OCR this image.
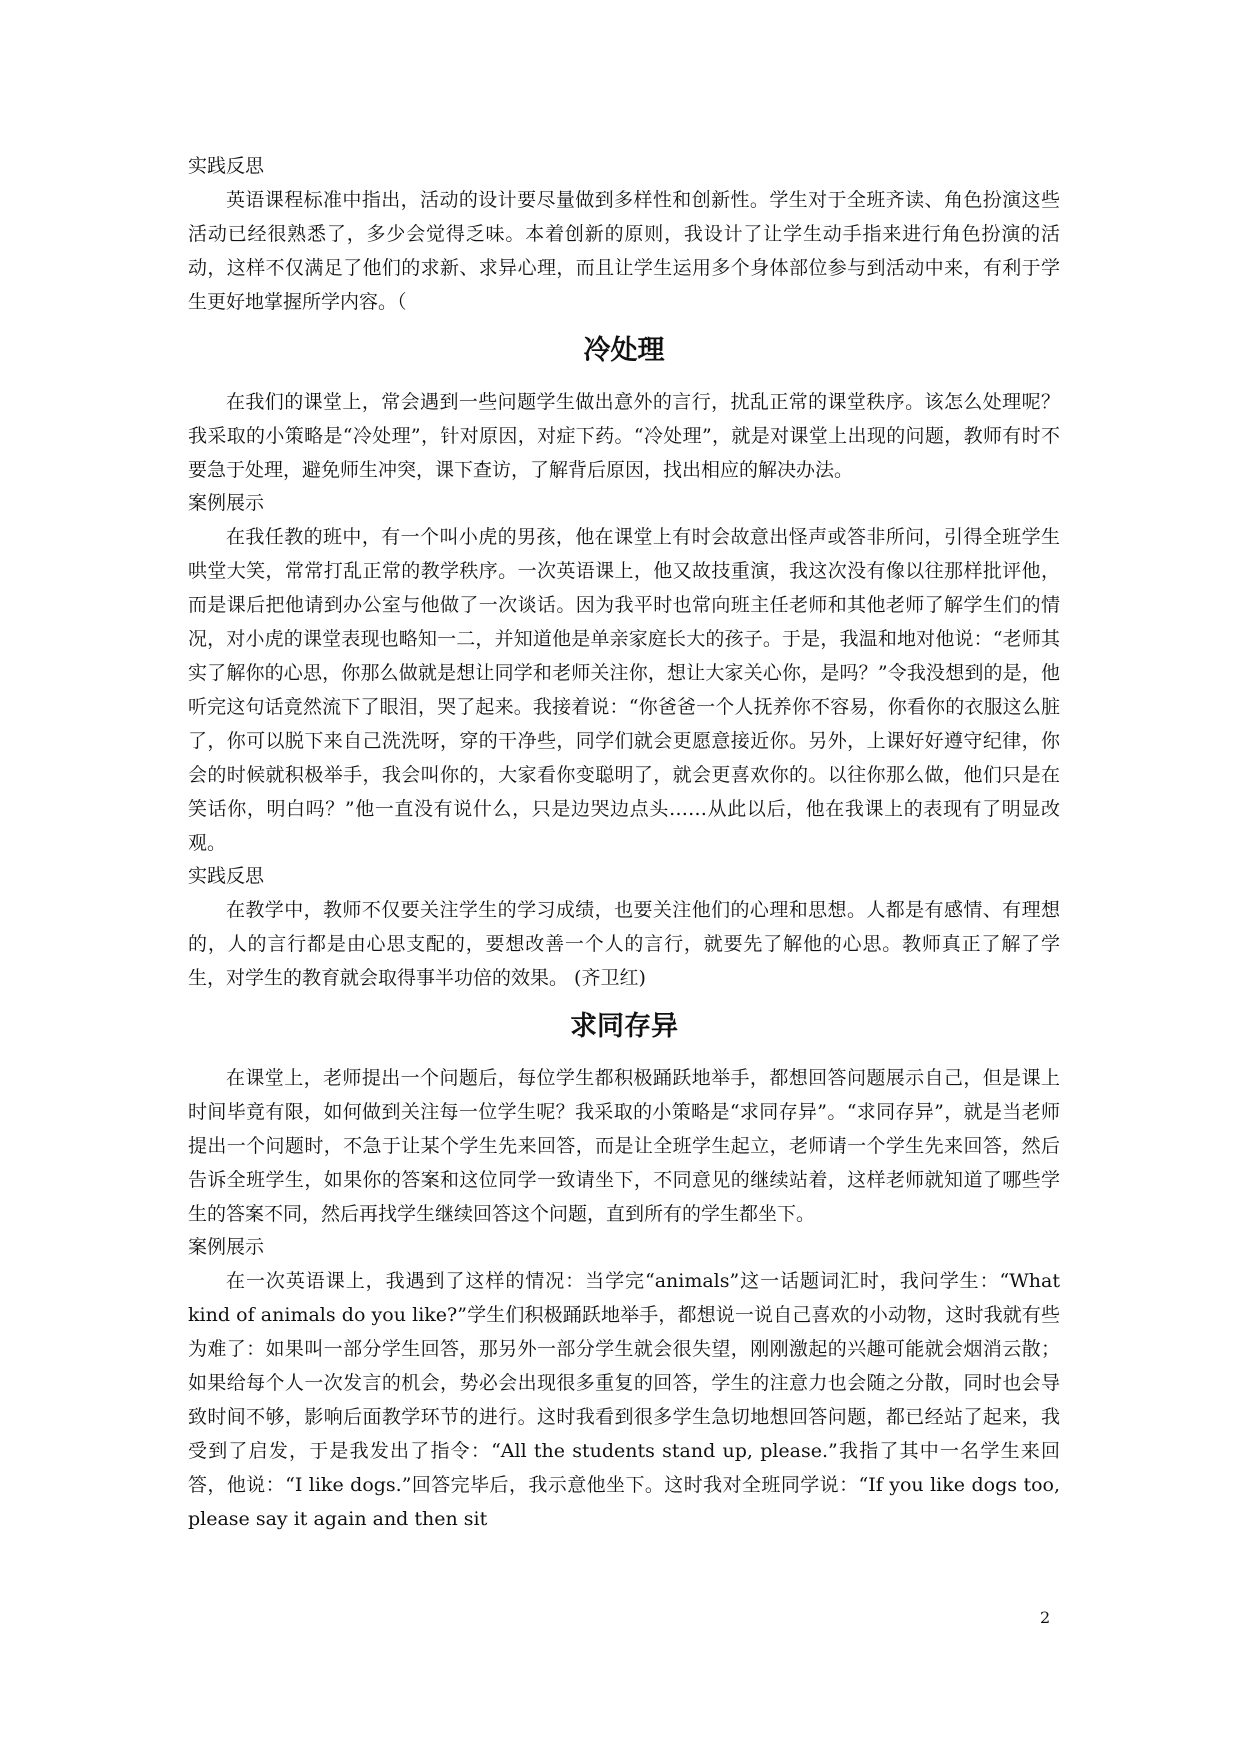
实践反思

英语课程标准中指出，活动的设计要尽量做到多样性和创新性。学生对于全班齐读、角色扮演这些活动已经很熟悉了，多少会觉得乏味。本着创新的原则，我设计了让学生动手指来进行角色扮演的活动，这样不仅满足了他们的求新、求异心理，而且让学生运用多个身体部位参与到活动中来，有利于学生更好地掌握所学内容。（

冷处理

在我们的课堂上，常会遇到一些问题学生做出意外的言行，扰乱正常的课堂秩序。该怎么处理呢？我采取的小策略是“冷处理”，针对原因，对症下药。“冷处理”，就是对课堂上出现的问题，教师有时不要急于处理，避免师生冲突，课下查访，了解背后原因，找出相应的解决办法。

案例展示

在我任教的班中，有一个叫小虎的男孩，他在课堂上有时会故意出怪声或答非所问，引得全班学生哄堂大笑，常常打乱正常的教学秩序。一次英语课上，他又故技重演，我这次没有像以往那样批评他，而是课后把他请到办公室与他做了一次谈话。因为我平时也常向班主任老师和其他老师了解学生们的情况，对小虎的课堂表现也略知一二，并知道他是单亲家庭长大的孩子。于是，我温和地对他说：“老师其实了解你的心思，你那么做就是想让同学和老师关注你，想让大家关心你，是吗？”令我没想到的是，他听完这句话竟然流下了眼泪，哭了起来。我接着说：“你爸爸一个人抚养你不容易，你看你的衣服这么脏了，你可以脱下来自己洗洗呀，穿的干净些，同学们就会更愿意接近你。另外，上课好好遵守纪律，你会的时候就积极举手，我会叫你的，大家看你变聪明了，就会更喜欢你的。以往你那么做，他们只是在笑话你，明白吗？”他一直没有说什么，只是边哭边点头……从此以后，他在我课上的表现有了明显改观。

实践反思

在教学中，教师不仅要关注学生的学习成绩，也要关注他们的心理和思想。人都是有感情、有理想的，人的言行都是由心思支配的，要想改善一个人的言行，就要先了解他的心思。教师真正了解了学生，对学生的教育就会取得事半功倍的效果。 (齐卫红)

求同存异

在课堂上，老师提出一个问题后，每位学生都积极踊跃地举手，都想回答问题展示自己，但是课上时间毕竟有限，如何做到关注每一位学生呢？我采取的小策略是“求同存异”。“求同存异”，就是当老师提出一个问题时，不急于让某个学生先来回答，而是让全班学生起立，老师请一个学生先来回答，然后告诉全班学生，如果你的答案和这位同学一致请坐下，不同意见的继续站着，这样老师就知道了哪些学生的答案不同，然后再找学生继续回答这个问题，直到所有的学生都坐下。

案例展示

在一次英语课上，我遇到了这样的情况：当学完“animals”这一话题词汇时，我问学生：“What kind of animals do you like?”学生们积极踊跃地举手，都想说一说自己喜欢的小动物，这时我就有些为难了：如果叫一部分学生回答，那另外一部分学生就会很失望，刚刚激起的兴趣可能就会烟消云散；如果给每个人一次发言的机会，势必会出现很多重复的回答，学生的注意力也会随之分散，同时也会导致时间不够，影响后面教学环节的进行。这时我看到很多学生急切地想回答问题，都已经站了起来，我受到了启发，于是我发出了指令：“All the students stand up, please.”我指了其中一名学生来回答，他说：“I like dogs.”回答完毕后，我示意他坐下。这时我对全班同学说：“If you like dogs too, please say it again and then sit

2
